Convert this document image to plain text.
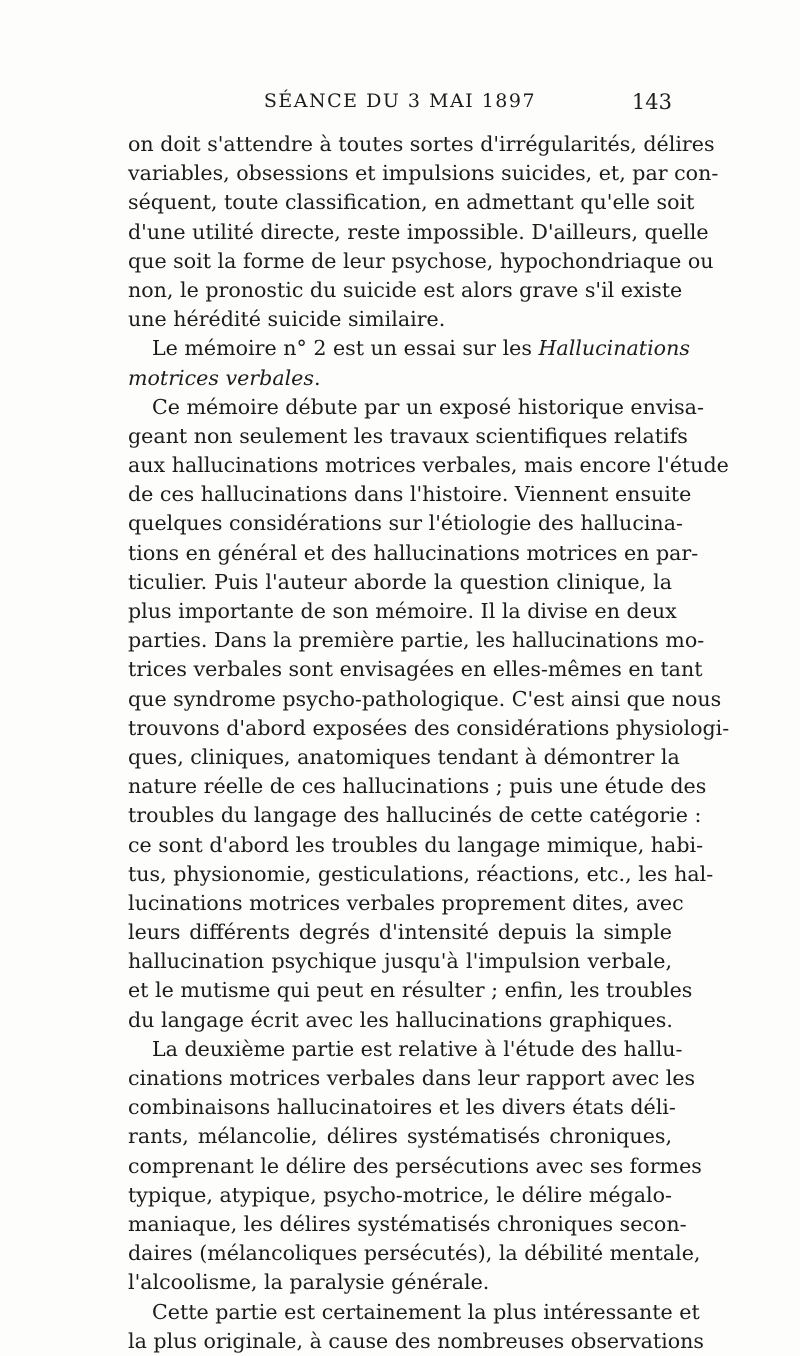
SÉANCE DU 3 MAI 1897	143
on doit s'attendre à toutes sortes d'irrégularités, délires
variables, obsessions et impulsions suicides, et, par con-
séquent, toute classification, en admettant qu'elle soit
d'une utilité directe, reste impossible. D'ailleurs, quelle
que soit la forme de leur psychose, hypochondriaque ou
non, le pronostic du suicide est alors grave s'il existe
une hérédité suicide similaire.
Le mémoire n° 2 est un essai sur les Hallucinations
motrices verbales.
Ce mémoire débute par un exposé historique envisa-
geant non seulement les travaux scientifiques relatifs
aux hallucinations motrices verbales, mais encore l'étude
de ces hallucinations dans l'histoire. Viennent ensuite
quelques considérations sur l'étiologie des hallucina-
tions en général et des hallucinations motrices en par-
ticulier. Puis l'auteur aborde la question clinique, la
plus importante de son mémoire. Il la divise en deux
parties. Dans la première partie, les hallucinations mo-
trices verbales sont envisagées en elles-mêmes en tant
que syndrome psycho-pathologique. C'est ainsi que nous
trouvons d'abord exposées des considérations physiologi-
ques, cliniques, anatomiques tendant à démontrer la
nature réelle de ces hallucinations ; puis une étude des
troubles du langage des hallucinés de cette catégorie :
ce sont d'abord les troubles du langage mimique, habi-
tus, physionomie, gesticulations, réactions, etc., les hal-
lucinations motrices verbales proprement dites, avec
leurs différents degrés d'intensité depuis la simple
hallucination psychique jusqu'à l'impulsion verbale,
et le mutisme qui peut en résulter ; enfin, les troubles
du langage écrit avec les hallucinations graphiques.
La deuxième partie est relative à l'étude des hallu-
cinations motrices verbales dans leur rapport avec les
combinaisons hallucinatoires et les divers états déli-
rants, mélancolie, délires systématisés chroniques,
comprenant le délire des persécutions avec ses formes
typique, atypique, psycho-motrice, le délire mégalo-
maniaque, les délires systématisés chroniques secon-
daires (mélancoliques persécutés), la débilité mentale,
l'alcoolisme, la paralysie générale.
Cette partie est certainement la plus intéressante et
la plus originale, à cause des nombreuses observations
